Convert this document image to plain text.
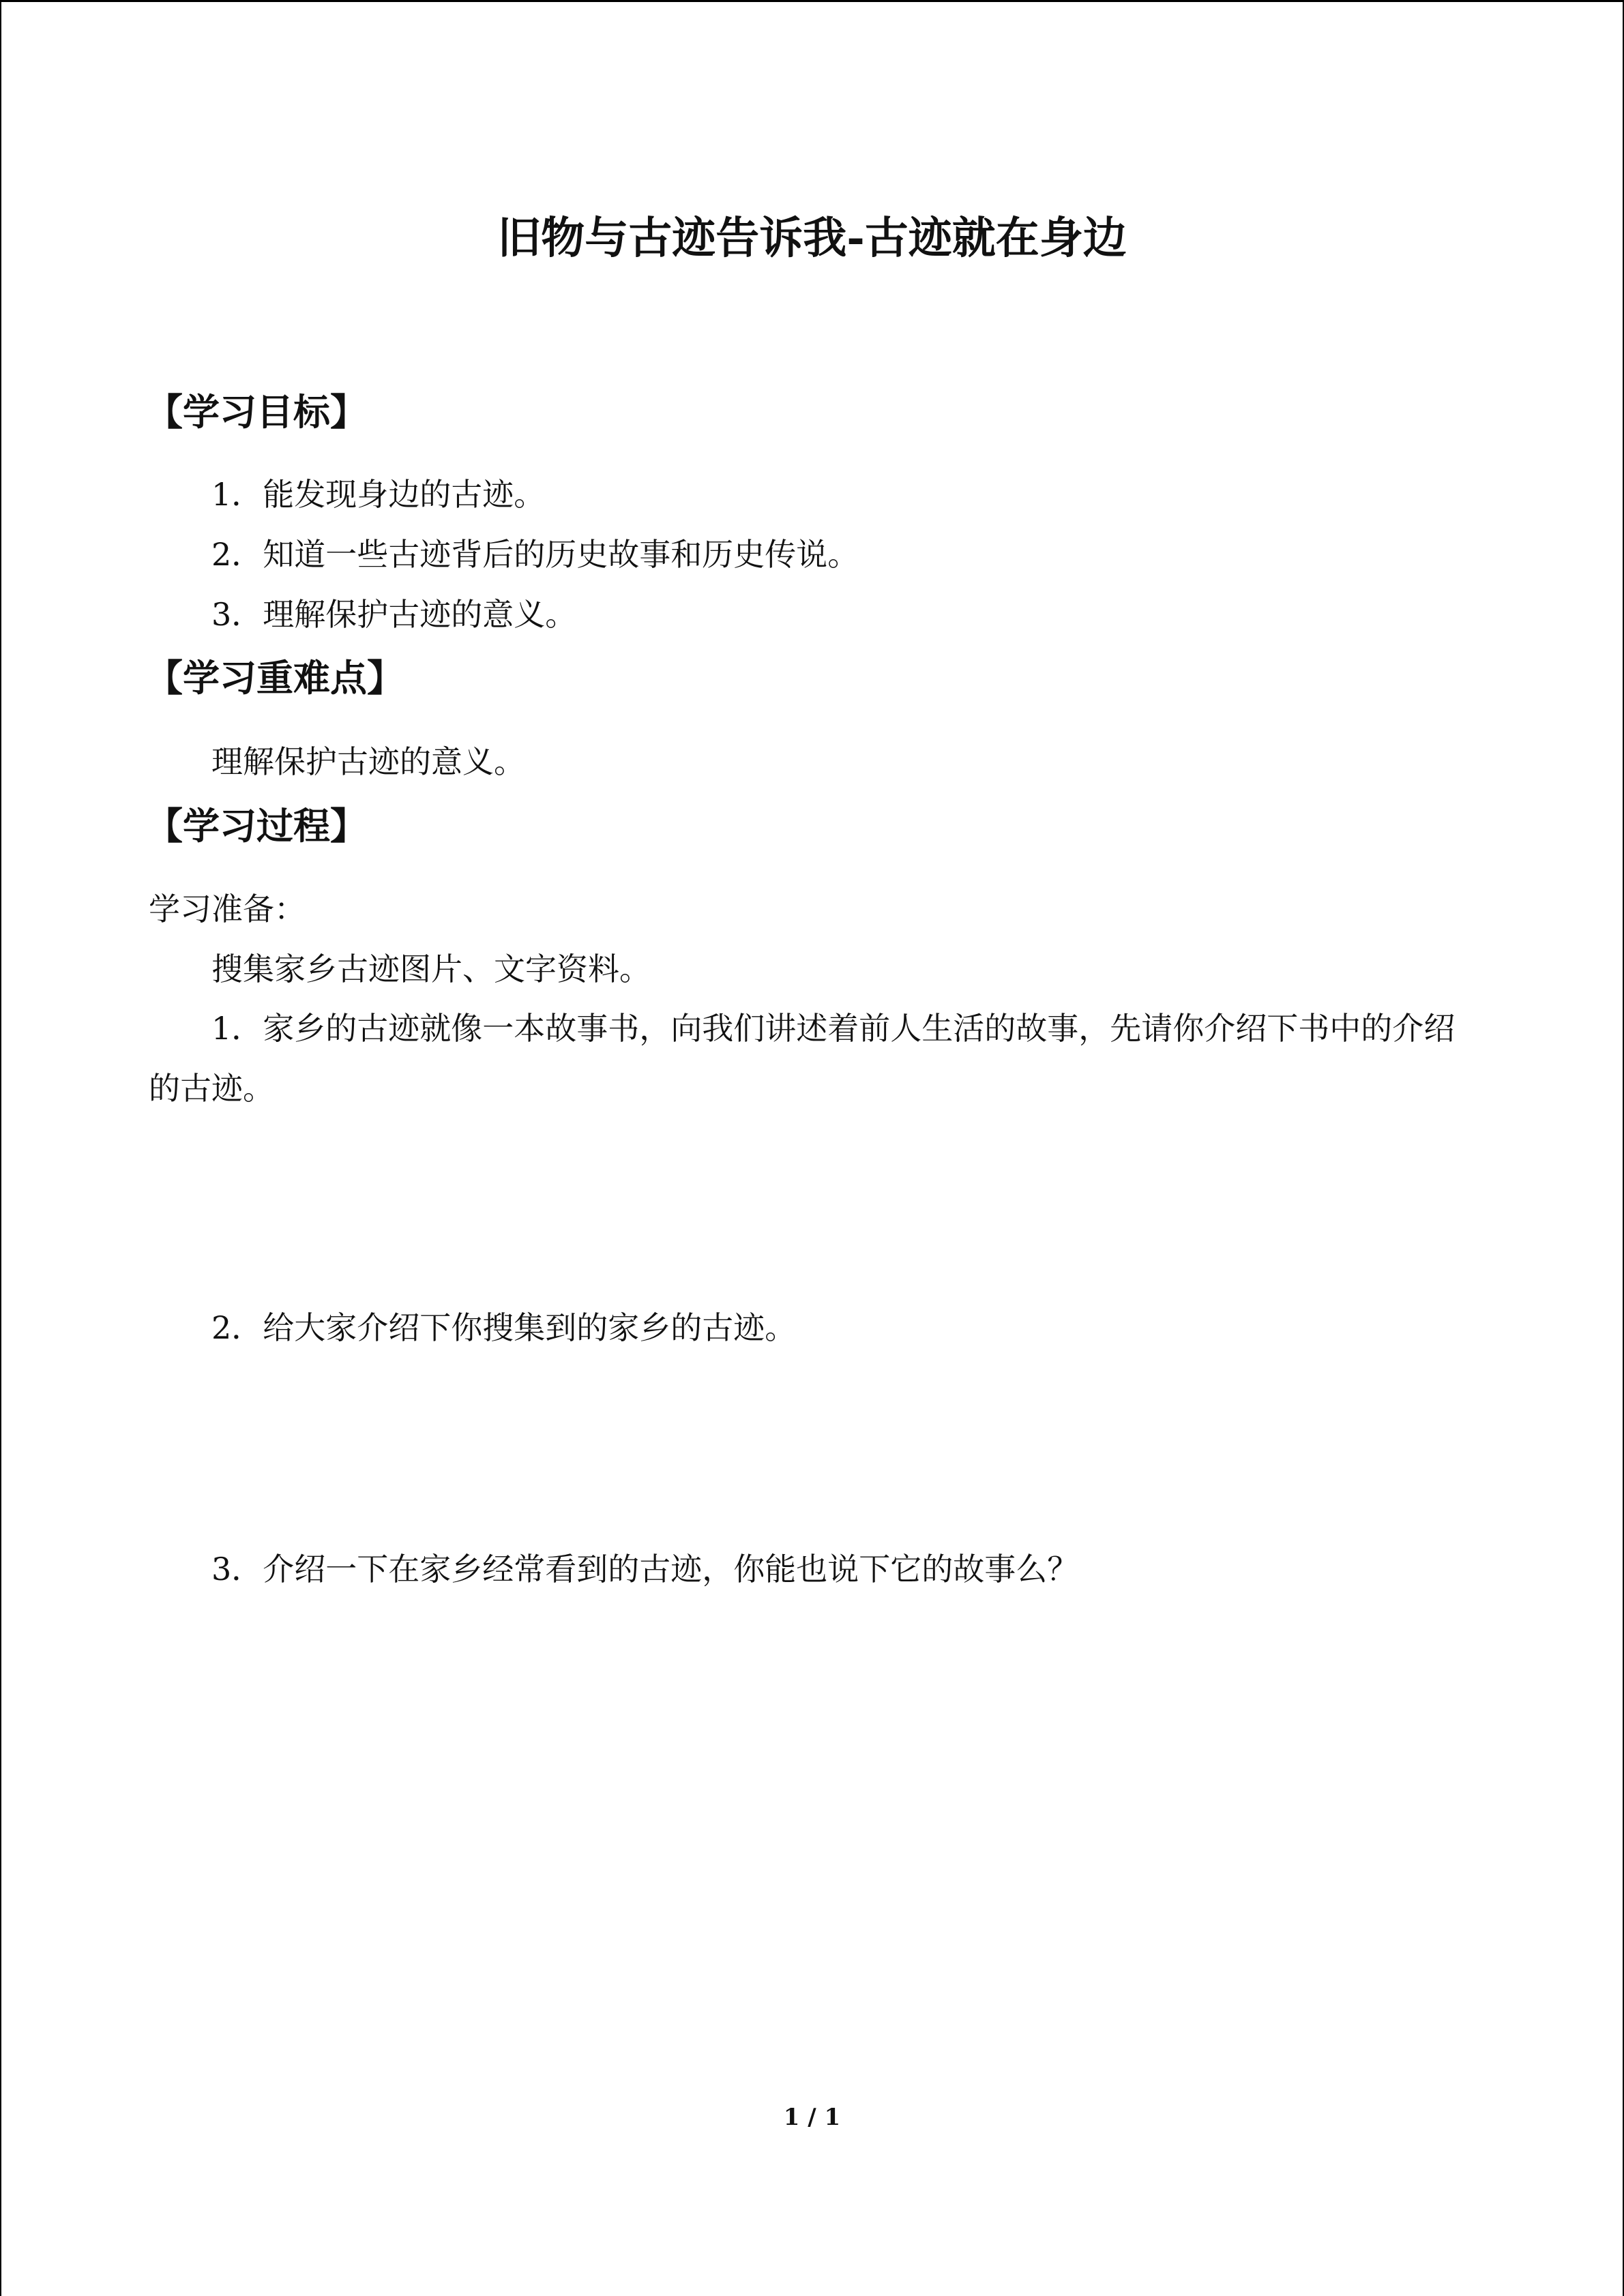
旧物与古迹告诉我-古迹就在身边
【学习目标】
1．能发现身边的古迹。
2．知道一些古迹背后的历史故事和历史传说。
3．理解保护古迹的意义。
【学习重难点】
理解保护古迹的意义。
【学习过程】
学习准备：
搜集家乡古迹图片、文字资料。
1．家乡的古迹就像一本故事书，向我们讲述着前人生活的故事，先请你介绍下书中的介绍的古迹。
2．给大家介绍下你搜集到的家乡的古迹。
3．介绍一下在家乡经常看到的古迹，你能也说下它的故事么？
1 / 1
